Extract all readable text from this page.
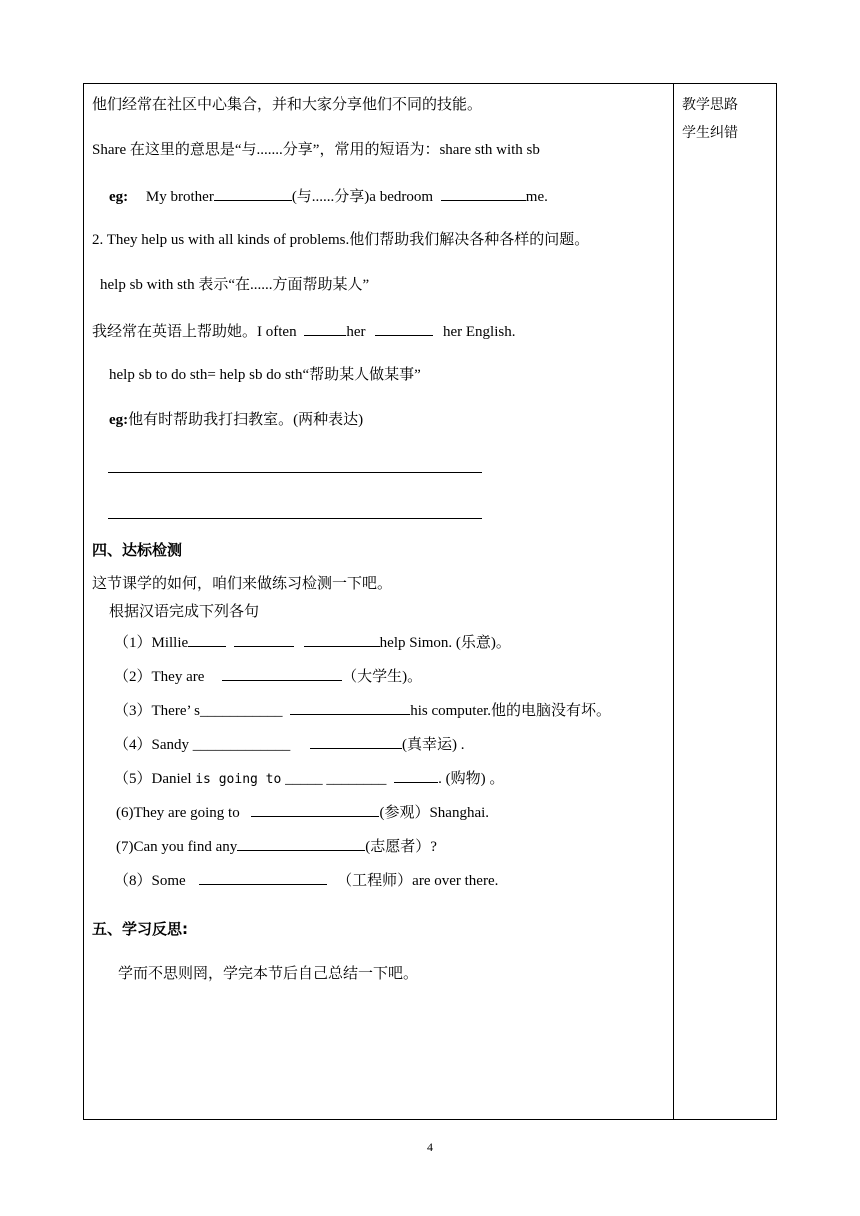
教学思路
学生纠错
他们经常在社区中心集合，并和大家分享他们不同的技能。
Share 在这里的意思是“与.......分享”，常用的短语为：share sth with sb
eg: My brother	(与......分享)a bedroom	me.
2. They help us with all kinds of problems.他们帮助我们解决各种各样的问题。
help sb with sth 表示“在......方面帮助某人”
我经常在英语上帮助她。I often	her	her English.
help sb to do sth= help sb do sth“帮助某人做某事”
eg:他有时帮助我打扫教室。(两种表达)
四、达标检测
这节课学的如何，咱们来做练习检测一下吧。
根据汉语完成下列各句
（1）Millie	help Simon. (乐意)。
（2）They are	（大学生)。
（3）There’ s___________	his computer.他的电脑没有坏。
（4）Sandy _____________	(真幸运) .
（5）Daniel is going to _____ ________	. (购物) 。
(6)They are going to	(参观）Shanghai.
(7)Can you find any	(志愿者）?
（8）Some	（工程师）are over there.
五、学习反思:
学而不思则罔，学完本节后自己总结一下吧。
4
